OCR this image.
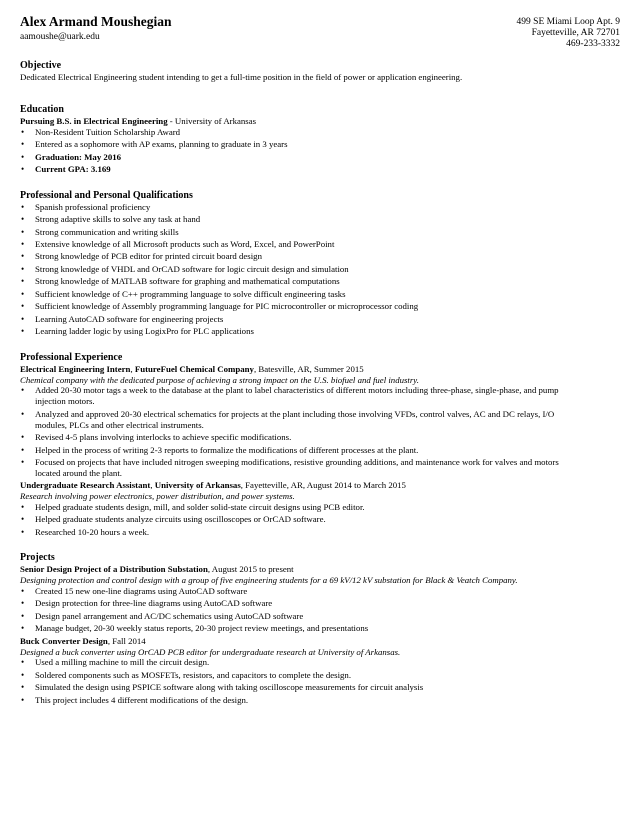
Alex Armand Moushegian
aamoushe@uark.edu
499 SE Miami Loop Apt. 9
Fayetteville, AR 72701
469-233-3332
Objective
Dedicated Electrical Engineering student intending to get a full-time position in the field of power or application engineering.
Education
Pursuing B.S. in Electrical Engineering - University of Arkansas
• Non-Resident Tuition Scholarship Award
• Entered as a sophomore with AP exams, planning to graduate in 3 years
• Graduation: May 2016
• Current GPA: 3.169
Professional and Personal Qualifications
• Spanish professional proficiency
• Strong adaptive skills to solve any task at hand
• Strong communication and writing skills
• Extensive knowledge of all Microsoft products such as Word, Excel, and PowerPoint
• Strong knowledge of PCB editor for printed circuit board design
• Strong knowledge of VHDL and OrCAD software for logic circuit design and simulation
• Strong knowledge of MATLAB software for graphing and mathematical computations
• Sufficient knowledge of C++ programming language to solve difficult engineering tasks
• Sufficient knowledge of Assembly programming language for PIC microcontroller or microprocessor coding
• Learning AutoCAD software for engineering projects
• Learning ladder logic by using LogixPro for PLC applications
Professional Experience
Electrical Engineering Intern, FutureFuel Chemical Company, Batesville, AR, Summer 2015
Chemical company with the dedicated purpose of achieving a strong impact on the U.S. biofuel and fuel industry.
• Added 20-30 motor tags a week to the database at the plant to label characteristics of different motors including three-phase, single-phase, and pump
injection motors.
• Analyzed and approved 20-30 electrical schematics for projects at the plant including those involving VFDs, control valves, AC and DC relays, I/O
modules, PLCs and other electrical instruments.
• Revised 4-5 plans involving interlocks to achieve specific modifications.
• Helped in the process of writing 2-3 reports to formalize the modifications of different processes at the plant.
• Focused on projects that have included nitrogen sweeping modifications, resistive grounding additions, and maintenance work for valves and motors
located around the plant.
Undergraduate Research Assistant, University of Arkansas, Fayetteville, AR, August 2014 to March 2015
Research involving power electronics, power distribution, and power systems.
• Helped graduate students design, mill, and solder solid-state circuit designs using PCB editor.
• Helped graduate students analyze circuits using oscilloscopes or OrCAD software.
• Researched 10-20 hours a week.
Projects
Senior Design Project of a Distribution Substation, August 2015 to present
Designing protection and control design with a group of five engineering students for a 69 kV/12 kV substation for Black & Veatch Company.
• Created 15 new one-line diagrams using AutoCAD software
• Design protection for three-line diagrams using AutoCAD software
• Design panel arrangement and AC/DC schematics using AutoCAD software
• Manage budget, 20-30 weekly status reports, 20-30 project review meetings, and presentations
Buck Converter Design, Fall 2014
Designed a buck converter using OrCAD PCB editor for undergraduate research at University of Arkansas.
• Used a milling machine to mill the circuit design.
• Soldered components such as MOSFETs, resistors, and capacitors to complete the design.
• Simulated the design using PSPICE software along with taking oscilloscope measurements for circuit analysis
• This project includes 4 different modifications of the design.
